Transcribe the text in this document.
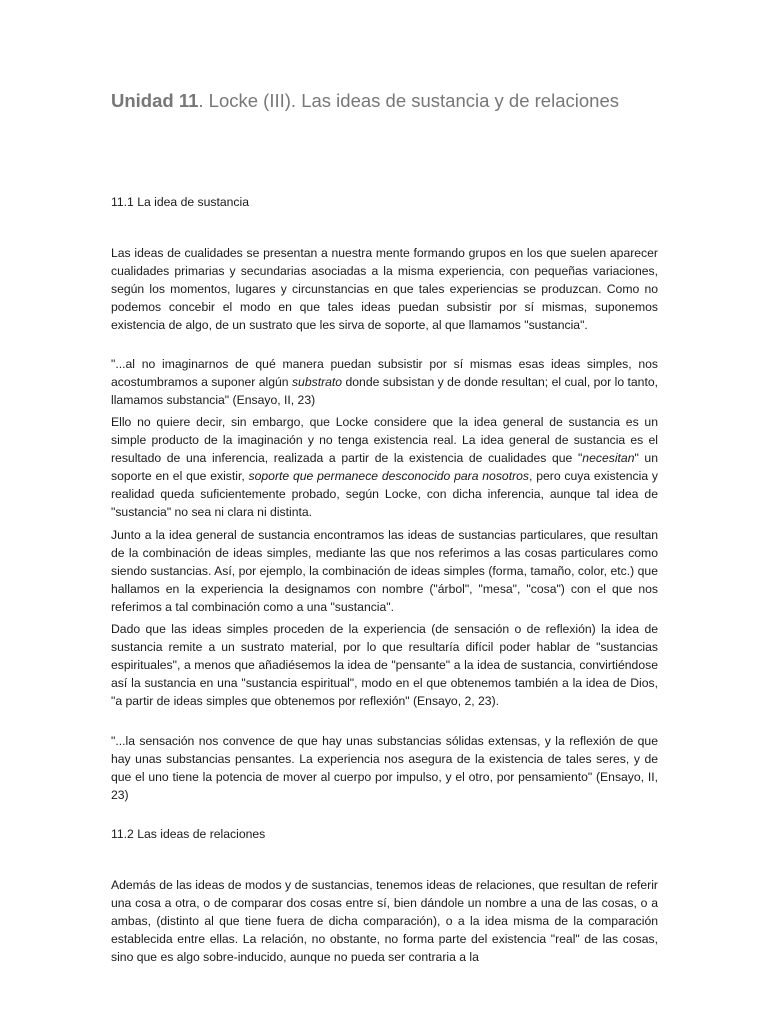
Unidad 11. Locke (III). Las ideas de sustancia y de relaciones
11.1 La idea de sustancia

Las ideas de cualidades se presentan a nuestra mente formando grupos en los que suelen aparecer cualidades primarias y secundarias asociadas a la misma experiencia, con pequeñas variaciones, según los momentos, lugares y circunstancias en que tales experiencias se produzcan. Como no podemos concebir el modo en que tales ideas puedan subsistir por sí mismas, suponemos existencia de algo, de un sustrato que les sirva de soporte, al que llamamos "sustancia".

"...al no imaginarnos de qué manera puedan subsistir por sí mismas esas ideas simples, nos acostumbramos a suponer algún substrato donde subsistan y de donde resultan; el cual, por lo tanto, llamamos substancia" (Ensayo, II, 23)

Ello no quiere decir, sin embargo, que Locke considere que la idea general de sustancia es un simple producto de la imaginación y no tenga existencia real. La idea general de sustancia es el resultado de una inferencia, realizada a partir de la existencia de cualidades que "necesitan" un soporte en el que existir, soporte que permanece desconocido para nosotros, pero cuya existencia y realidad queda suficientemente probado, según Locke, con dicha inferencia, aunque tal idea de "sustancia" no sea ni clara ni distinta.

Junto a la idea general de sustancia encontramos las ideas de sustancias particulares, que resultan de la combinación de ideas simples, mediante las que nos referimos a las cosas particulares como siendo sustancias. Así, por ejemplo, la combinación de ideas simples (forma, tamaño, color, etc.) que hallamos en la experiencia la designamos con nombre ("árbol", "mesa", "cosa") con el que nos referimos a tal combinación como a una "sustancia".

Dado que las ideas simples proceden de la experiencia (de sensación o de reflexión) la idea de sustancia remite a un sustrato material, por lo que resultaría difícil poder hablar de "sustancias espirituales", a menos que añadiésemos la idea de "pensante" a la idea de sustancia, convirtiéndose así la sustancia en una "sustancia espiritual", modo en el que obtenemos también a la idea de Dios, "a partir de ideas simples que obtenemos por reflexión" (Ensayo, 2, 23).

"...la sensación nos convence de que hay unas substancias sólidas extensas, y la reflexión de que hay unas substancias pensantes. La experiencia nos asegura de la existencia de tales seres, y de que el uno tiene la potencia de mover al cuerpo por impulso, y el otro, por pensamiento" (Ensayo, II, 23)

11.2 Las ideas de relaciones

Además de las ideas de modos y de sustancias, tenemos ideas de relaciones, que resultan de referir una cosa a otra, o de comparar dos cosas entre sí, bien dándole un nombre a una de las cosas, o a ambas, (distinto al que tiene fuera de dicha comparación), o a la idea misma de la comparación establecida entre ellas. La relación, no obstante, no forma parte del existencia "real" de las cosas, sino que es algo sobre-inducido, aunque no pueda ser contraria a la
